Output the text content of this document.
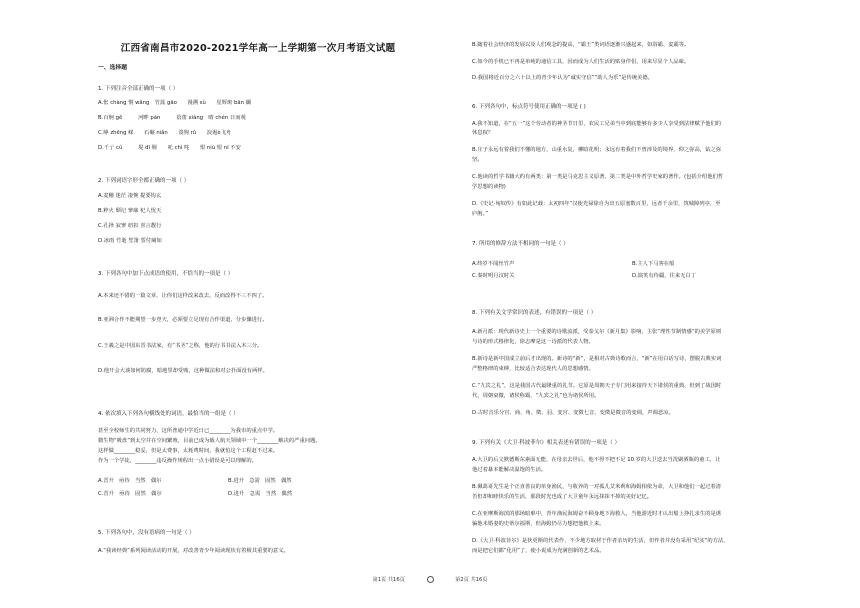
江西省南昌市2020-2021学年高一上学期第一次月考语文试题
一、选择题
1. 下列注音全部正确的一项（ ）
A.怅 chàng 惘 wǎng　竹篙 gāo　　漫溯 sù　　星辉斑 bān 斓
B.百舸 gě　　　河畔 pàn　　　蓓蕾 xiàng　晴 chén 日而观
C.峥 zhēng 嵘　　石碾 niǎn　　浚狗 rǔ　　浪遏è飞舟
D.千亍 cù　　　堤 dī 堰　　吒 chì 咤　　恨 niù 恨 ní 不安
2. 下列词语字形全都正确的一项（ ）
A.麦穗 迷茫 凄惋 提要钩玄
B.粹火 颓圮 寥廓 杞人忧天
C.孔择 寂寥 纽扣 喜言靓行
D.冰雨 竹逝 笙箫 誓付阑如
3. 下列各句中加下点成语的使用，不恰当的一项是（ ）
A.本来还不错的一篇文章，让你们这样改来改去，反而改得不三不四了。
B.亚洲合作不能期望一步登天，必须要立足现有合作渠道，分步骤进行。
C.王羲之是中国东晋书法家，有“书圣”之称，他的行书书法入木三分。
D.他开会大谈如何防腐，暗地里却受贿，这种做法和对公扑面没有两样。
4. 依次填入下列各句横线处的词语，最恰当的一组是（ ）
甚至全校师生的共同努力，这所普通中学近日已________为我市的重点中学。
微生物“吸盘”到太空并在空间繁殖，目前已成为载人航天领域中一个________解决的严重问题。
这样做________稳妥，但是太费事，太耗费时间，我就怕这个工程赶不过来。
作为一个学徒，________违反操作规程出一点小错误是可以理解的。
A.晋升　亟待　当然　偶尔	B.进升　急需　固然　偶然
C.晋升　亟待　固然　偶尔	D.进升　急需　当然　偶然
5. 下列各句中，没有语病的一句是（ ）
A.“我读经典”系列阅读活动的开展，对改善青少年阅读现状有着极其重要的意义。
B.随着社会经济的发展以及人们观念的提高，“霸王”类词语逐渐兴盛起来，如浴霸、麦霸等。
C.如今的手机已不再是单纯的通信工具，因而成为人们生活的贴身伴侣，用来尽显个人品味。
D.我国将近百分之六十以上的青少年认为“诚实守信”“助人为乐”是传统美德。
6. 下列各句中，标点符号使用正确的一项是 ( )
A.我不知道，在“五一”这个劳动者的神圣节日里，农民工兄弟当中到底能够有多少人享受到法律赋予他们的
休息权？
B.庄子永远有着我们不懂的地方，山重水复，柳暗花明；永远有着我们不曾涉及的境界，仰之弥高，钻之弥
坚。
C.他读的哲学书籍大约有两类：第一类是马克思主义原著，第二类是中外哲学史家的著作。(包括介绍他们哲
学思想的读物)
D.《史记·匈奴传》有如此记载：太初四年“汉使光禄徐自为出五原塞数百里，远者千余里，筑城障列亭，至
庐朐。”
7. 所用的修辞方法不相同的一句是（ ）
A.终岁不闻丝竹声	B.主人下马客在船
C.秦时明月汉时关	D.演笑有待疆，往来无白丁
8. 下列有关文学常识的表述，有错误的一项是（ ）
A.新月派：现代新诗史上一个重要的诗歌流派，受泰戈尔《新月集》影响，主张“理性节制情感”的美学原则
与诗的形式格律化，徐志摩是这一诗派的代表人物。
B.新诗是新中国成立前后才出现的。新诗的“新”，是相对古典诗歌而言，“新”在用白话写诗，摆脱古典实词
严整格律的束缚，比较适合表达现代人的思想感情。
C.“九宾之礼”，这是我国古代最隆重的礼节。它原是周朝天子专门用来接待天下诸侯的重典，但到了战国时
代，周朝衰微，诸侯称霸，“九宾之礼”也为诸侯所用。
D.古时音乐分宫、商、角、徵、羽、变宫、变徵七音，变徵是徵音的变调，声调悲凉。
9. 下列有关《大卫·科波菲尔》相关表述有错误的一项是（ ）
A.大卫的后父默德斯东素面无能，在母亲去世后，他不得不把不足 10 岁的大卫送去当洗刷酒瓶的童工，让
他过着暴本能解决温饱的生活。
B.佩葛哥先生是个正直善良的单身渔民，与收养的一对孤儿艾米莉和海姆相依为命，大卫和他们一起过着清
苦但却和睦快乐的生活，那段时光也成了大卫童年永远抹抹不掉的美好记忆。
C.在亚摩斯海滨的那场暗难中，青年渔民海姆奋不顾身地下海救人，当他游近时才认出船上挣扎求生的是诱
骗他未婚妻的史蒂尔福斯，但海姆仍尽力想把他救上来。
D.《大卫·科波菲尔》是狄更斯的代表作，不少地方取材于作者亲历的生活，但作者并没有采用“纪实”的方法，
而是把它们都“化用”了，使小说成为充满创新的艺术品。
第1页 共16页	第2页 共16页
